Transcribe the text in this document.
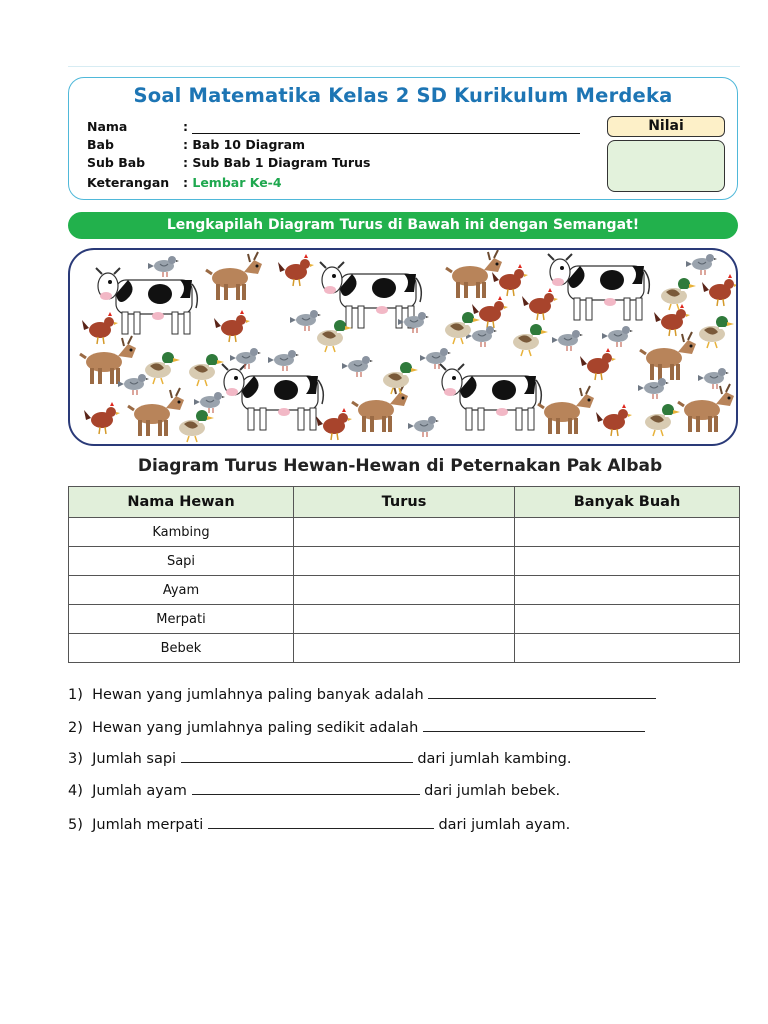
Soal Matematika Kelas 2 SD Kurikulum Merdeka
Nama	:
Bab	: Bab 10 Diagram
Sub Bab	: Sub Bab 1 Diagram Turus
Keterangan : Lembar Ke-4
Nilai
Lengkapilah Diagram Turus di Bawah ini dengan Semangat!
Diagram Turus Hewan-Hewan di Peternakan Pak Albab
Nama Hewan	Turus	Banyak Buah
Kambing		
Sapi		
Ayam		
Merpati		
Bebek		
1) Hewan yang jumlahnya paling banyak adalah
2) Hewan yang jumlahnya paling sedikit adalah
3) Jumlah sapi	dari jumlah kambing.
4) Jumlah ayam	dari jumlah bebek.
5) Jumlah merpati	dari jumlah ayam.
